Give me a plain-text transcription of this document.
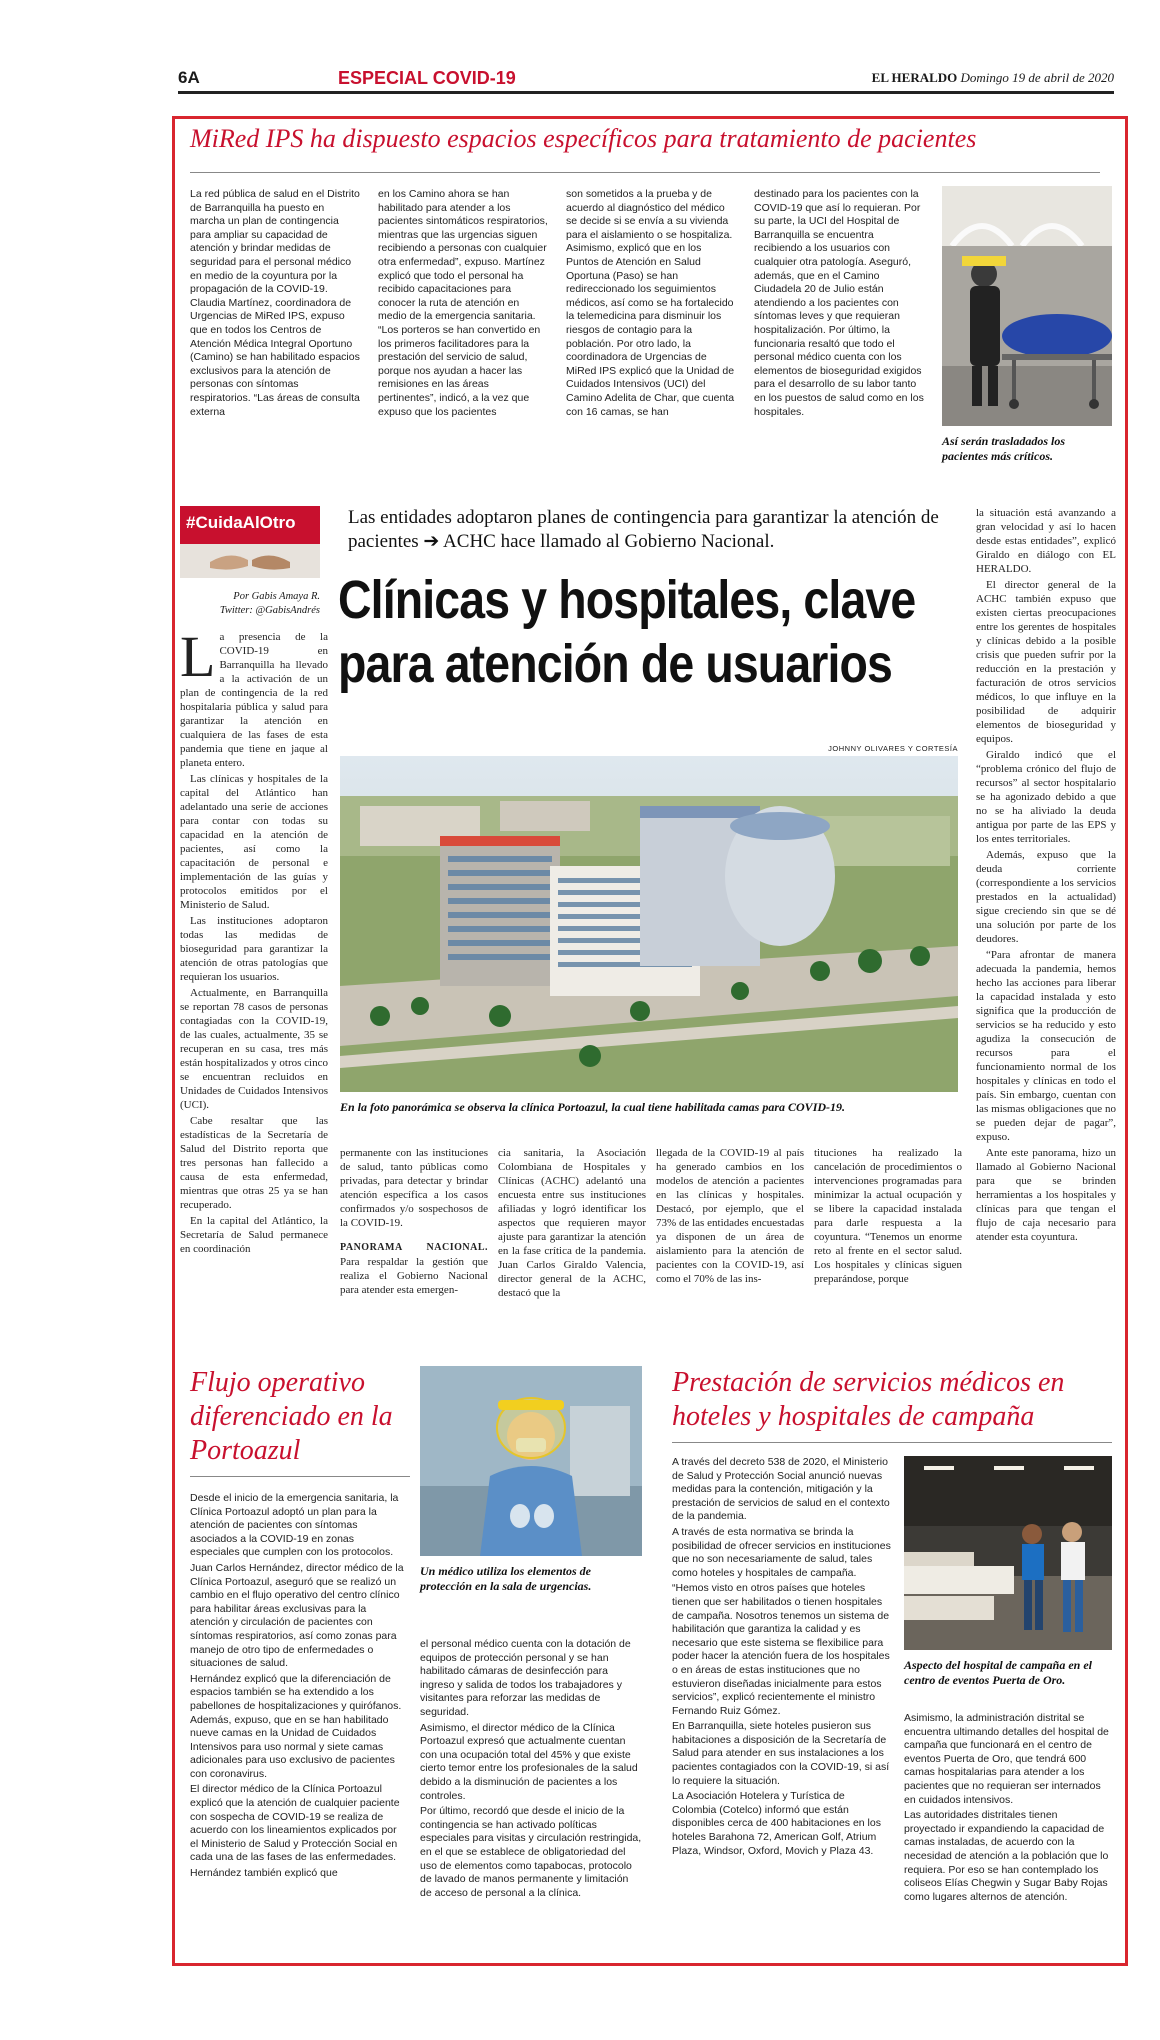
6A	ESPECIAL COVID-19	EL HERALDO Domingo 19 de abril de 2020
MiRed IPS ha dispuesto espacios específicos para tratamiento de pacientes
La red pública de salud en el Distrito de Barranquilla ha puesto en marcha un plan de contingencia para ampliar su capacidad de atención y brindar medidas de seguridad para el personal médico en medio de la coyuntura por la propagación de la COVID-19. Claudia Martínez, coordinadora de Urgencias de MiRed IPS, expuso que en todos los Centros de Atención Médica Integral Oportuno (Camino) se han habilitado espacios exclusivos para la atención de personas con síntomas respiratorios. “Las áreas de consulta externa
en los Camino ahora se han habilitado para atender a los pacientes sintomáticos respiratorios, mientras que las urgencias siguen recibiendo a personas con cualquier otra enfermedad”, expuso. Martínez explicó que todo el personal ha recibido capacitaciones para conocer la ruta de atención en medio de la emergencia sanitaria. “Los porteros se han convertido en los primeros facilitadores para la prestación del servicio de salud, porque nos ayudan a hacer las remisiones en las áreas pertinentes”, indicó, a la vez que expuso que los pacientes
son sometidos a la prueba y de acuerdo al diagnóstico del médico se decide si se envía a su vivienda para el aislamiento o se hospitaliza. Asimismo, explicó que en los Puntos de Atención en Salud Oportuna (Paso) se han redireccionado los seguimientos médicos, así como se ha fortalecido la telemedicina para disminuir los riesgos de contagio para la población. Por otro lado, la coordinadora de Urgencias de MiRed IPS explicó que la Unidad de Cuidados Intensivos (UCI) del Camino Adelita de Char, que cuenta con 16 camas, se han
destinado para los pacientes con la COVID-19 que así lo requieran. Por su parte, la UCI del Hospital de Barranquilla se encuentra recibiendo a los usuarios con cualquier otra patología. Aseguró, además, que en el Camino Ciudadela 20 de Julio están atendiendo a los pacientes con síntomas leves y que requieran hospitalización. Por último, la funcionaria resaltó que todo el personal médico cuenta con los elementos de bioseguridad exigidos para el desarrollo de su labor tanto en los puestos de salud como en los hospitales.
Así serán trasladados los pacientes más críticos.
#CuidaAlOtro
Por Gabis Amaya R.
Twitter: @GabisAndrés
Las entidades adoptaron planes de contingencia para garantizar la atención de pacientes ➔ ACHC hace llamado al Gobierno Nacional.
Clínicas y hospitales, clave
para atención de usuarios
JOHNNY OLIVARES Y CORTESÍA

La presencia de la COVID-19 en Barranquilla ha llevado a la activación de un plan de contingencia de la red hospitalaria pública y salud para garantizar la atención en cualquiera de las fases de esta pandemia que tiene en jaque al planeta entero.

Las clínicas y hospitales de la capital del Atlántico han adelantado una serie de acciones para contar con todas su capacidad en la atención de pacientes, así como la capacitación de personal e implementación de las guías y protocolos emitidos por el Ministerio de Salud.

Las instituciones adoptaron todas las medidas de bioseguridad para garantizar la atención de otras patologías que requieran los usuarios.

Actualmente, en Barranquilla se reportan 78 casos de personas contagiadas con la COVID-19, de las cuales, actualmente, 35 se recuperan en su casa, tres más están hospitalizados y otros cinco se encuentran recluidos en Unidades de Cuidados Intensivos (UCI).

Cabe resaltar que las estadísticas de la Secretaría de Salud del Distrito reporta que tres personas han fallecido a causa de esta enfermedad, mientras que otras 25 ya se han recuperado.

En la capital del Atlántico, la Secretaría de Salud permanece en coordinación

En la foto panorámica se observa la clínica Portoazul, la cual tiene habilitada camas para COVID-19.

permanente con las instituciones de salud, tanto públicas como privadas, para detectar y brindar atención específica a los casos confirmados y/o sospechosos de la COVID-19.

PANORAMA NACIONAL. Para respaldar la gestión que realiza el Gobierno Nacional para atender esta emergen-

cia sanitaria, la Asociación Colombiana de Hospitales y Clínicas (ACHC) adelantó una encuesta entre sus instituciones afiliadas y logró identificar los aspectos que requieren mayor ajuste para garantizar la atención en la fase crítica de la pandemia. Juan Carlos Giraldo Valencia, director general de la ACHC, destacó que la
llegada de la COVID-19 al país ha generado cambios en los modelos de atención a pacientes en las clínicas y hospitales. Destacó, por ejemplo, que el 73% de las entidades encuestadas ya disponen de un área de aislamiento para la atención de pacientes con la COVID-19, así como el 70% de las ins-
tituciones ha realizado la cancelación de procedimientos o intervenciones programadas para minimizar la actual ocupación y se libere la capacidad instalada para darle respuesta a la coyuntura. “Tenemos un enorme reto al frente en el sector salud. Los hospitales y clínicas siguen preparándose, porque

la situación está avanzando a gran velocidad y así lo hacen desde estas entidades”, explicó Giraldo en diálogo con EL HERALDO.

El director general de la ACHC también expuso que existen ciertas preocupaciones entre los gerentes de hospitales y clínicas debido a la posible crisis que pueden sufrir por la reducción en la prestación y facturación de otros servicios médicos, lo que influye en la posibilidad de adquirir elementos de bioseguridad y equipos.

Giraldo indicó que el “problema crónico del flujo de recursos” al sector hospitalario se ha agonizado debido a que no se ha aliviado la deuda antigua por parte de las EPS y los entes territoriales.

Además, expuso que la deuda corriente (correspondiente a los servicios prestados en la actualidad) sigue creciendo sin que se dé una solución por parte de los deudores.

“Para afrontar de manera adecuada la pandemia, hemos hecho las acciones para liberar la capacidad instalada y esto significa que la producción de servicios se ha reducido y esto agudiza la consecución de recursos para el funcionamiento normal de los hospitales y clínicas en todo el país. Sin embargo, cuentan con las mismas obligaciones que no se pueden dejar de pagar”, expuso.

Ante este panorama, hizo un llamado al Gobierno Nacional para que se brinden herramientas a los hospitales y clínicas para que tengan el flujo de caja necesario para atender esta coyuntura.

Flujo operativo diferenciado en la Portoazul
Un médico utiliza los elementos de protección en la sala de urgencias.

Desde el inicio de la emergencia sanitaria, la Clínica Portoazul adoptó un plan para la atención de pacientes con síntomas asociados a la COVID-19 en zonas especiales que cumplen con los protocolos.

Juan Carlos Hernández, director médico de la Clínica Portoazul, aseguró que se realizó un cambio en el flujo operativo del centro clínico para habilitar áreas exclusivas para la atención y circulación de pacientes con síntomas respiratorios, así como zonas para manejo de otro tipo de enfermedades o situaciones de salud.

Hernández explicó que la diferenciación de espacios también se ha extendido a los pabellones de hospitalizaciones y quirófanos. Además, expuso, que en se han habilitado nueve camas en la Unidad de Cuidados Intensivos para uso normal y siete camas adicionales para uso exclusivo de pacientes con coronavirus.

El director médico de la Clínica Portoazul explicó que la atención de cualquier paciente con sospecha de COVID-19 se realiza de acuerdo con los lineamientos explicados por el Ministerio de Salud y Protección Social en cada una de las fases de las enfermedades.

Hernández también explicó que

el personal médico cuenta con la dotación de equipos de protección personal y se han habilitado cámaras de desinfección para ingreso y salida de todos los trabajadores y visitantes para reforzar las medidas de seguridad.

Asimismo, el director médico de la Clínica Portoazul expresó que actualmente cuentan con una ocupación total del 45% y que existe cierto temor entre los profesionales de la salud debido a la disminución de pacientes a los controles.

Por último, recordó que desde el inicio de la contingencia se han activado políticas especiales para visitas y circulación restringida, en el que se establece de obligatoriedad del uso de elementos como tapabocas, protocolo de lavado de manos permanente y limitación de acceso de personal a la clínica.

Prestación de servicios médicos en hoteles y hospitales de campaña

A través del decreto 538 de 2020, el Ministerio de Salud y Protección Social anunció nuevas medidas para la contención, mitigación y la prestación de servicios de salud en el contexto de la pandemia.

A través de esta normativa se brinda la posibilidad de ofrecer servicios en instituciones que no son necesariamente de salud, tales como hoteles y hospitales de campaña.

“Hemos visto en otros países que hoteles tienen que ser habilitados o tienen hospitales de campaña. Nosotros tenemos un sistema de habilitación que garantiza la calidad y es necesario que este sistema se flexibilice para poder hacer la atención fuera de los hospitales o en áreas de estas instituciones que no estuvieron diseñadas inicialmente para estos servicios”, explicó recientemente el ministro Fernando Ruiz Gómez.

En Barranquilla, siete hoteles pusieron sus habitaciones a disposición de la Secretaría de Salud para atender en sus instalaciones a los pacientes contagiados con la COVID-19, si así lo requiere la situación.

La Asociación Hotelera y Turística de Colombia (Cotelco) informó que están disponibles cerca de 400 habitaciones en los hoteles Barahona 72, American Golf, Atrium Plaza, Windsor, Oxford, Movich y Plaza 43.

Aspecto del hospital de campaña en el centro de eventos Puerta de Oro.

Asimismo, la administración distrital se encuentra ultimando detalles del hospital de campaña que funcionará en el centro de eventos Puerta de Oro, que tendrá 600 camas hospitalarias para atender a los pacientes que no requieran ser internados en cuidados intensivos.

Las autoridades distritales tienen proyectado ir expandiendo la capacidad de camas instaladas, de acuerdo con la necesidad de atención a la población que lo requiera. Por eso se han contemplado los coliseos Elías Chegwin y Sugar Baby Rojas como lugares alternos de atención.
